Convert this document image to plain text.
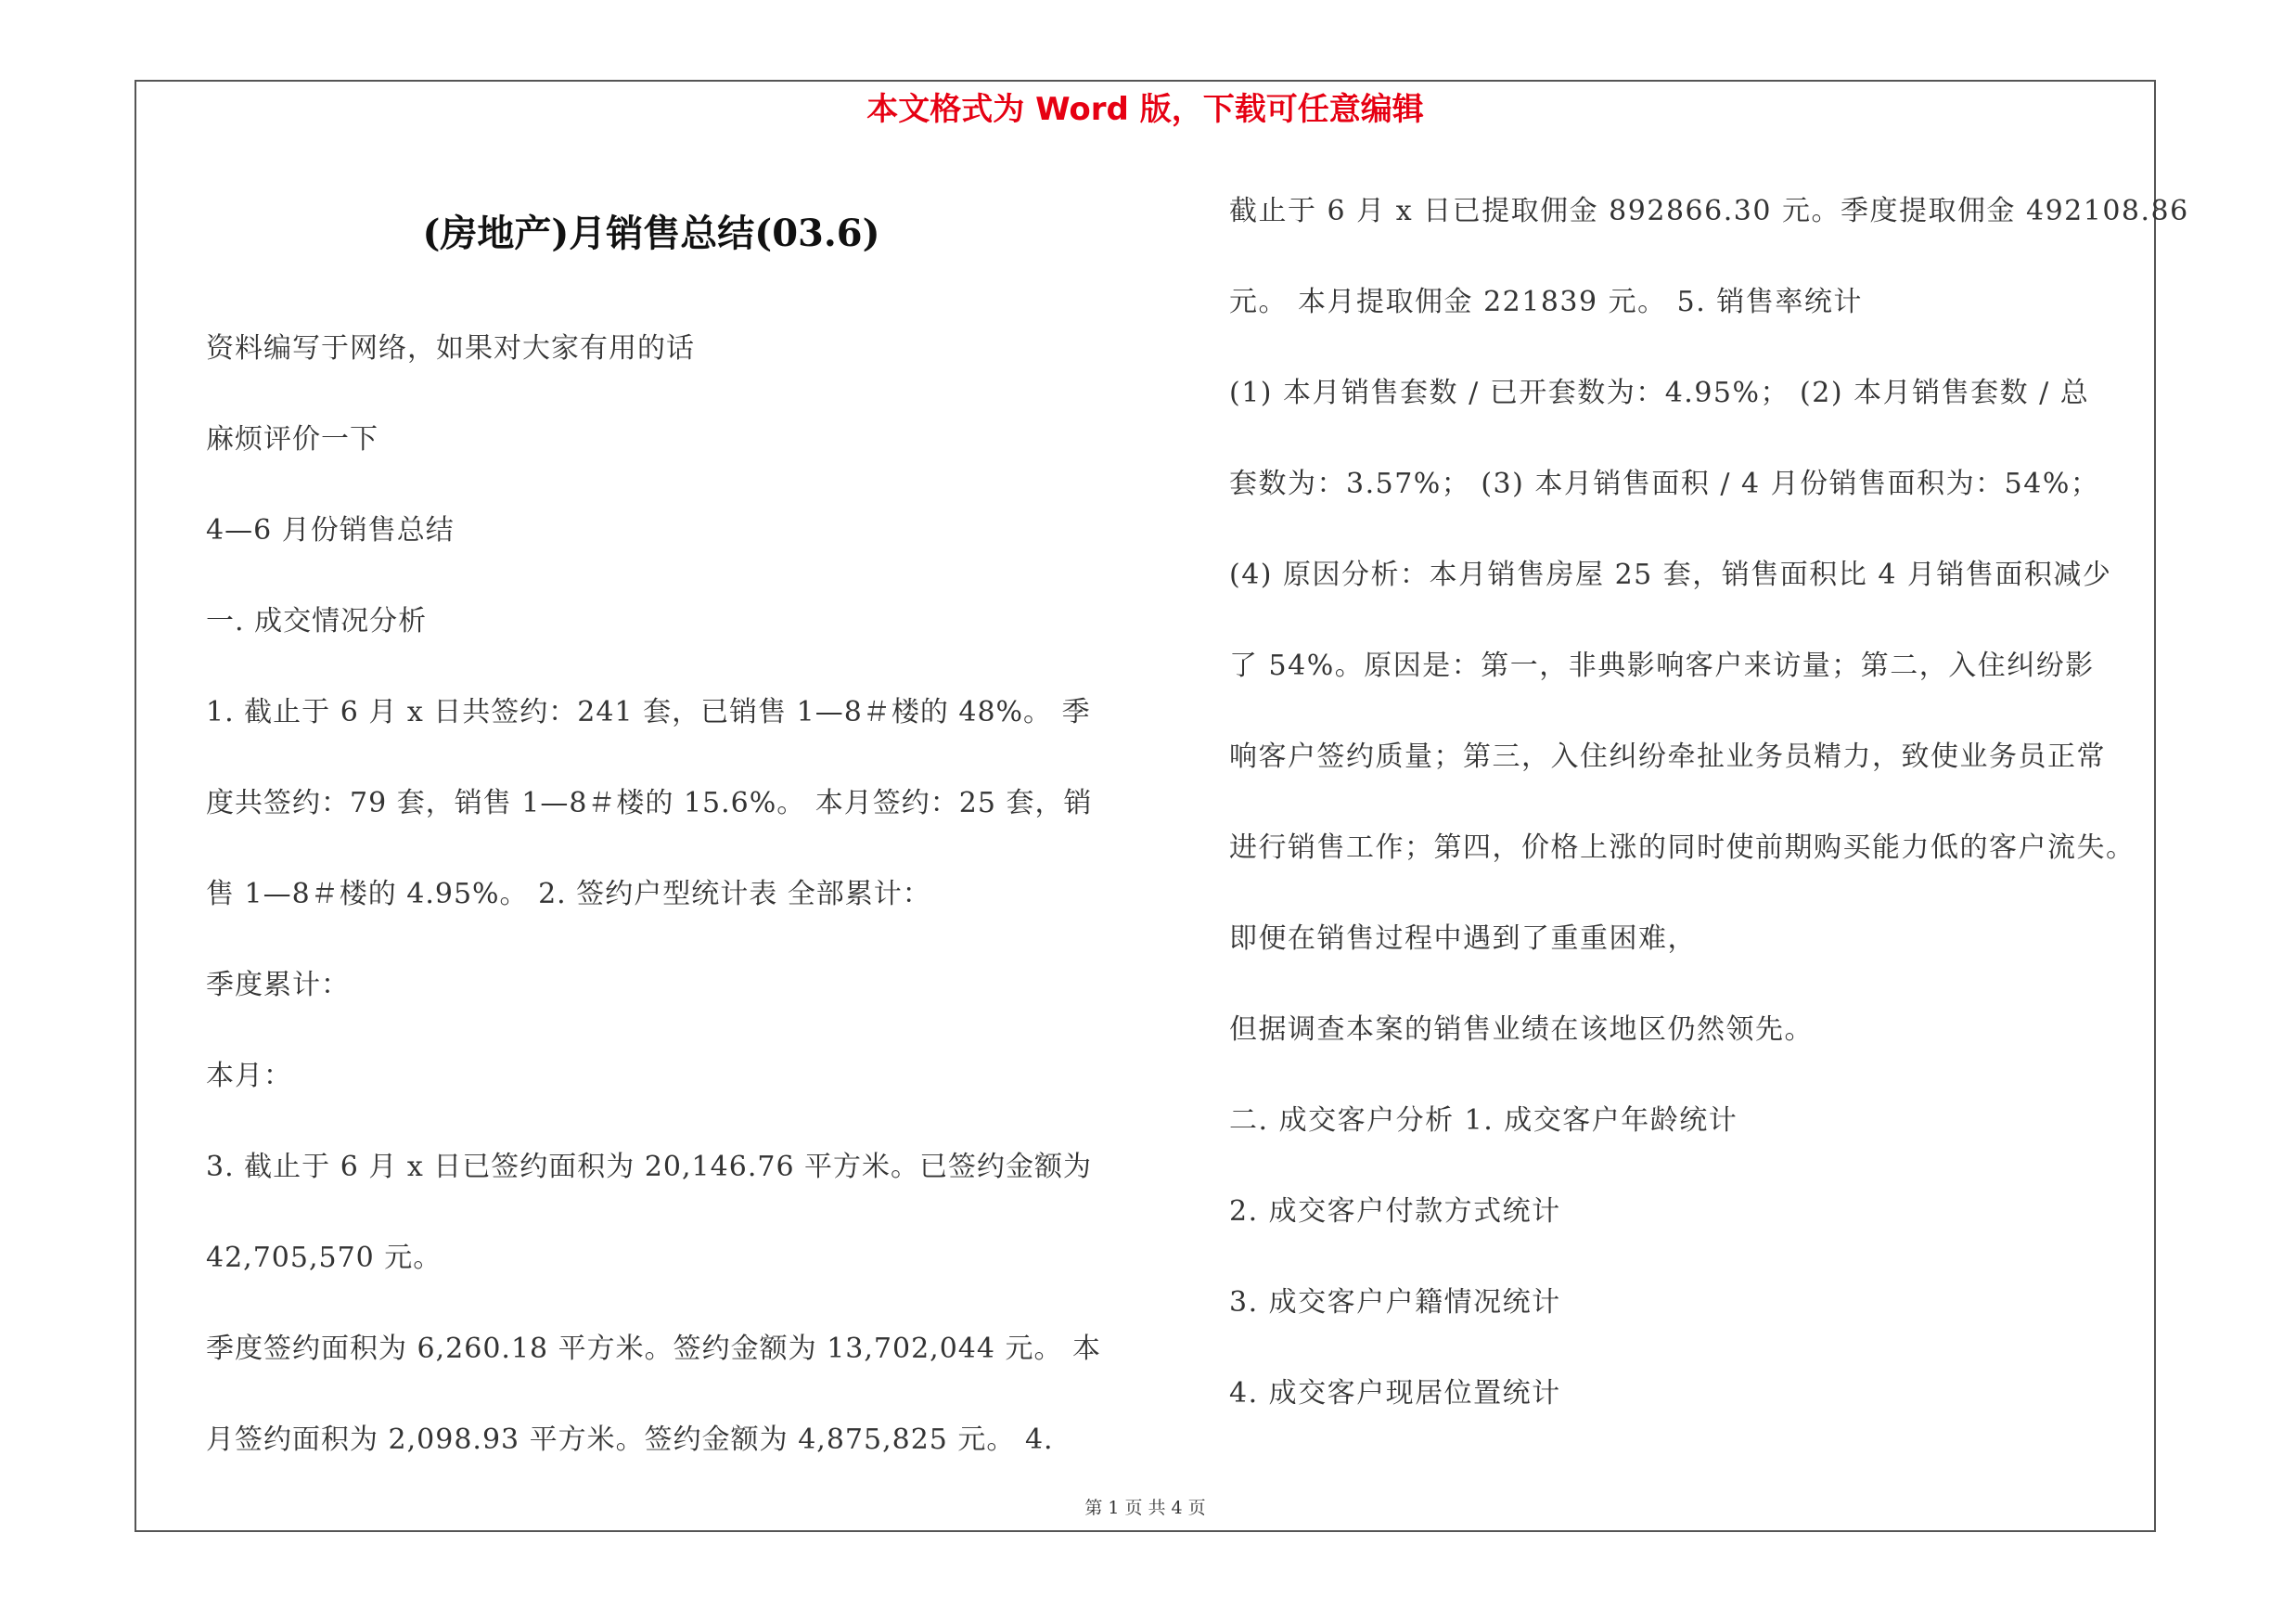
本文格式为 Word 版，下载可任意编辑
(房地产)月销售总结(03.6)
资料编写于网络，如果对大家有用的话
麻烦评价一下
4—6 月份销售总结
一. 成交情况分析
1. 截止于 6 月 x 日共签约：241 套，已销售 1—8＃楼的 48%。 季
度共签约：79 套，销售 1—8＃楼的 15.6%。 本月签约：25 套，销
售 1—8＃楼的 4.95%。 2. 签约户型统计表 全部累计：
季度累计：
本月：
3. 截止于 6 月 x 日已签约面积为 20,146.76 平方米。已签约金额为
42,705,570 元。
季度签约面积为 6,260.18 平方米。签约金额为 13,702,044 元。 本
月签约面积为 2,098.93 平方米。签约金额为 4,875,825 元。 4.
截止于 6 月 x 日已提取佣金 892866.30 元。季度提取佣金 492108.86
元。 本月提取佣金 221839 元。 5. 销售率统计
(1) 本月销售套数 / 已开套数为：4.95%； (2) 本月销售套数 / 总
套数为：3.57%； (3) 本月销售面积 / 4 月份销售面积为：54%；
(4) 原因分析：本月销售房屋 25 套，销售面积比 4 月销售面积减少
了 54%。原因是：第一，非典影响客户来访量；第二，入住纠纷影
响客户签约质量；第三，入住纠纷牵扯业务员精力，致使业务员正常
进行销售工作；第四，价格上涨的同时使前期购买能力低的客户流失。
即便在销售过程中遇到了重重困难，
但据调查本案的销售业绩在该地区仍然领先。
二. 成交客户分析 1. 成交客户年龄统计
2. 成交客户付款方式统计
3. 成交客户户籍情况统计
4. 成交客户现居位置统计
第 1 页 共 4 页
